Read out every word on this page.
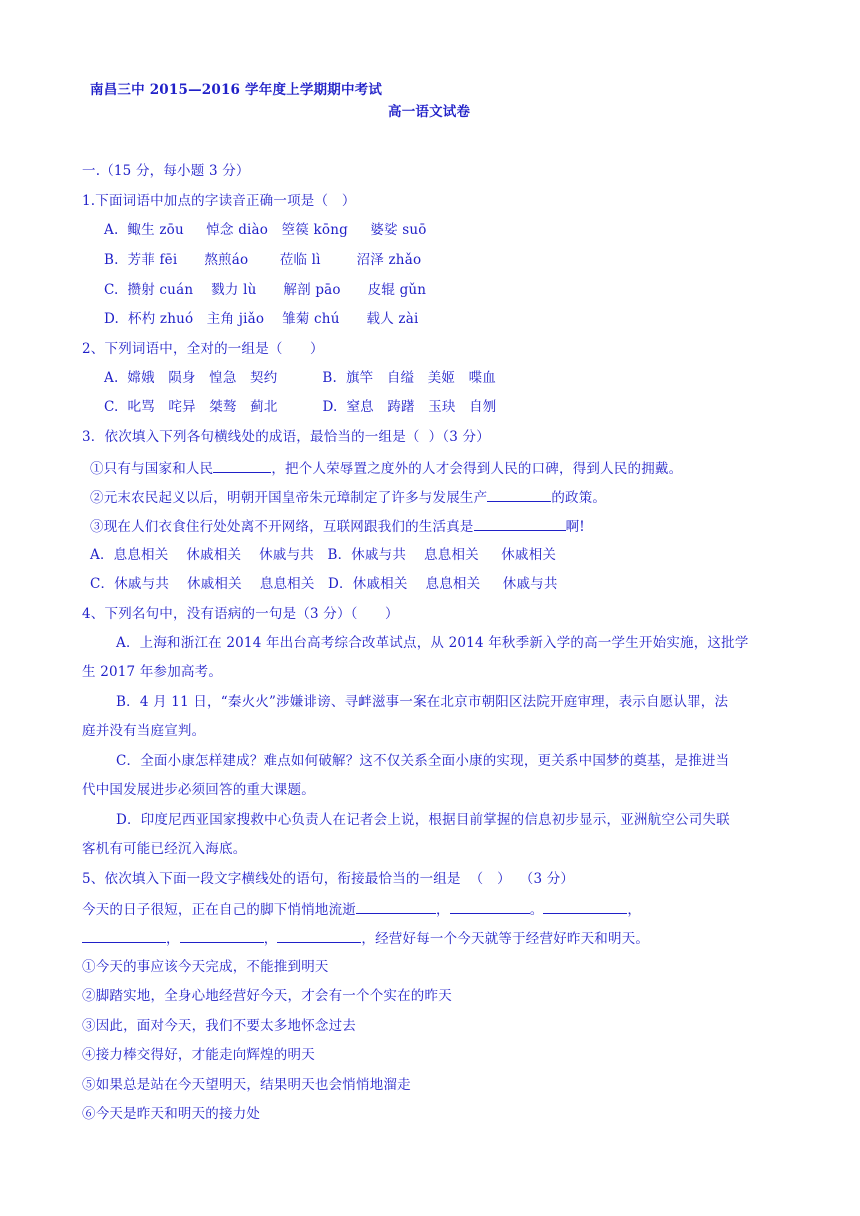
南昌三中 2015—2016 学年度上学期期中考试
高一语文试卷
一.（15 分，每小题 3 分）
1.下面词语中加点的字读音正确一项是（　）
A.  鲰生 zōu     悼念 diào   箜篌 kōng     婆娑 suō
B.  芳菲 fēi      熬煎áo       莅临 lì        沼泽 zhǎo
C.  攒射 cuán    戮力 lù      解剖 pāo      皮辊 gǔn
D.  杯杓 zhuó   主角 jiǎo    雏菊 chú      载人 zài
2、下列词语中，全对的一组是（　　）
A.  嫦娥   陨身   惶急   契约          B.  旗竿   自缢   美姬   喋血
C.  叱骂   咤异   桀骜   蓟北          D.  窒息   踌躇   玉玦   自刎
3．依次填入下列各句横线处的成语，最恰当的一组是（  ）（3 分）
①只有与国家和人民	，把个人荣辱置之度外的人才会得到人民的口碑，得到人民的拥戴。
②元末农民起义以后，明朝开国皇帝朱元璋制定了许多与发展生产	的政策。
③现在人们衣食住行处处离不开网络，互联网跟我们的生活真是	啊!
A．息息相关    休戚相关    休戚与共   B．休戚与共    息息相关     休戚相关
C．休戚与共    休戚相关    息息相关   D．休戚相关    息息相关     休戚与共
4、下列名句中，没有语病的一句是（3 分）（　　）
A．上海和浙江在 2014 年出台高考综合改革试点，从 2014 年秋季新入学的高一学生开始实施，这批学
生 2017 年参加高考。
B．4 月 11 日，“秦火火”涉嫌诽谤、寻衅滋事一案在北京市朝阳区法院开庭审理，表示自愿认罪，法
庭并没有当庭宣判。
C．全面小康怎样建成？难点如何破解？这不仅关系全面小康的实现，更关系中国梦的奠基，是推进当
代中国发展进步必须回答的重大课题。
D．印度尼西亚国家搜救中心负责人在记者会上说，根据目前掌握的信息初步显示，亚洲航空公司失联
客机有可能已经沉入海底。
5、依次填入下面一段文字横线处的语句，衔接最恰当的一组是  （　）  （3 分）
今天的日子很短，正在自己的脚下悄悄地流逝	，	。	，
，	，	，经营好每一个今天就等于经营好昨天和明天。
①今天的事应该今天完成，不能推到明天
②脚踏实地，全身心地经营好今天，才会有一个个实在的昨天
③因此，面对今天，我们不要太多地怀念过去
④接力棒交得好，才能走向辉煌的明天
⑤如果总是站在今天望明天，结果明天也会悄悄地溜走
⑥今天是昨天和明天的接力处
